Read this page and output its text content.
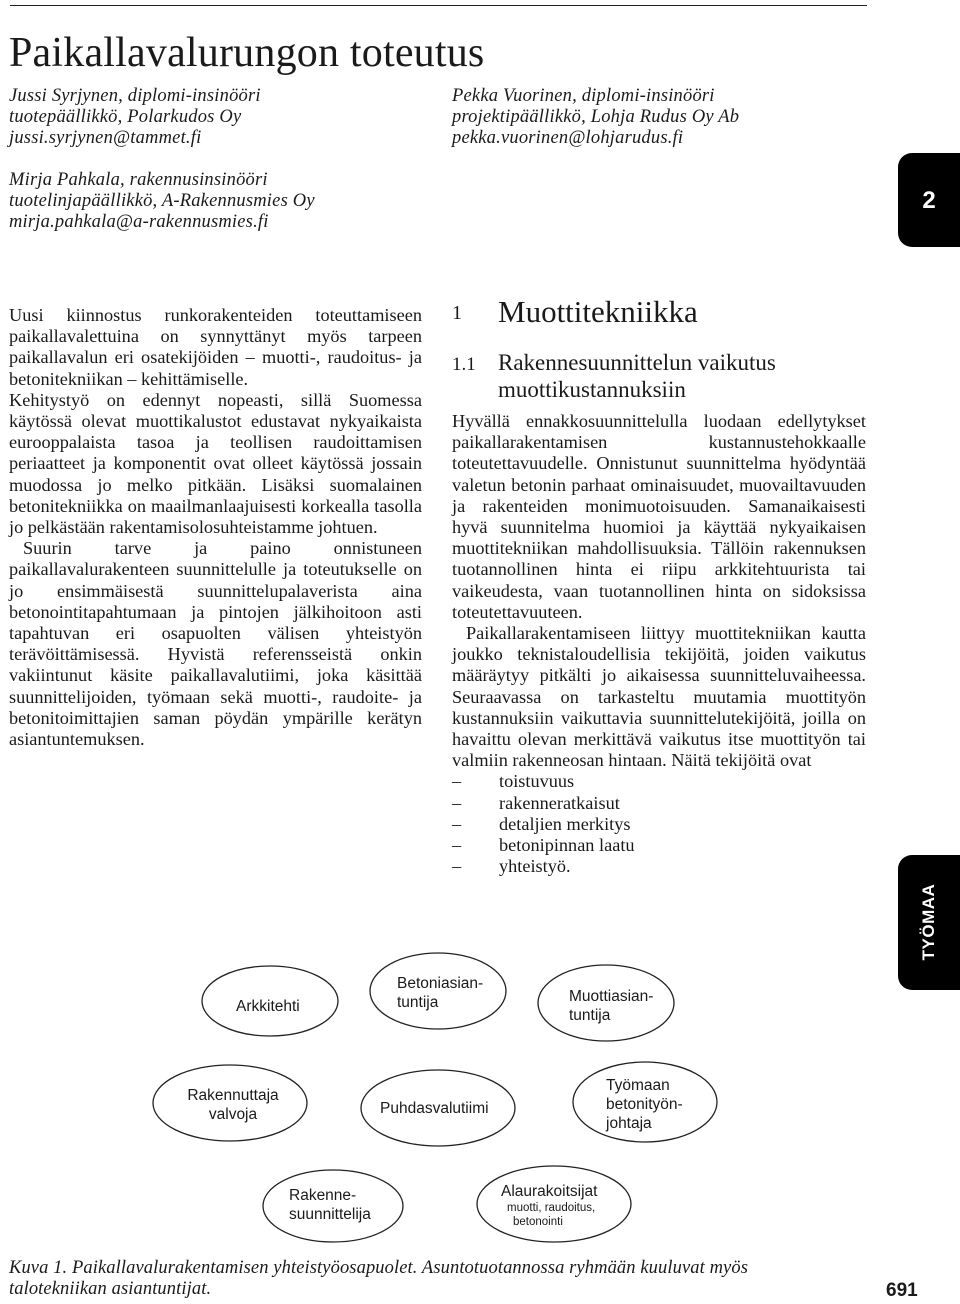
Paikallavalurungon toteutus
Jussi Syrjynen, diplomi-insinööri
tuotepäällikkö, Polarkudos Oy
jussi.syrjynen@tammet.fi
Pekka Vuorinen, diplomi-insinööri
projektipäällikkö, Lohja Rudus Oy Ab
pekka.vuorinen@lohjarudus.fi
Mirja Pahkala, rakennusinsinööri
tuotelinjapäällikkö, A-Rakennusmies Oy
mirja.pahkala@a-rakennusmies.fi
2
TYÖMAA

Uusi kiinnostus runkorakenteiden toteuttamiseen paikallavalettuina on synnyttänyt myös tarpeen paikallavalun eri osatekijöiden – muotti-, raudoitus- ja betonitekniikan – kehittämiselle.

Kehitystyö on edennyt nopeasti, sillä Suomessa käytössä olevat muottikalustot edustavat nykyaikaista eurooppalaista tasoa ja teollisen raudoittamisen periaatteet ja komponentit ovat olleet käytössä jossain muodossa jo melko pitkään. Lisäksi suomalainen betonitekniikka on maailmanlaajuisesti korkealla tasolla jo pelkästään rakentamisolosuhteistamme johtuen.

Suurin tarve ja paino onnistuneen paikallavalurakenteen suunnittelulle ja toteutukselle on jo ensimmäisestä suunnittelupalaverista aina betonointitapahtumaan ja pintojen jälkihoitoon asti tapahtuvan eri osapuolten välisen yhteistyön terävöittämisessä. Hyvistä referensseistä onkin vakiintunut käsite paikallavalutiimi, joka käsittää suunnittelijoiden, työmaan sekä muotti-, raudoite- ja betonitoimittajien saman pöydän ympärille kerätyn asiantuntemuksen.

1 Muottitekniikka
1.1 Rakennesuunnittelun vaikutus
muottikustannuksiin

Hyvällä ennakkosuunnittelulla luodaan edellytykset paikallarakentamisen kustannustehokkaalle toteutettavuudelle. Onnistunut suunnittelma hyödyntää valetun betonin parhaat ominaisuudet, muovailtavuuden ja rakenteiden monimuotoisuuden. Samanaikaisesti hyvä suunnitelma huomioi ja käyttää nykyaikaisen muottitekniikan mahdollisuuksia. Tällöin rakennuksen tuotannollinen hinta ei riipu arkkitehtuurista tai vaikeudesta, vaan tuotannollinen hinta on sidoksissa toteutettavuuteen.

Paikallarakentamiseen liittyy muottitekniikan kautta joukko teknistaloudellisia tekijöitä, joiden vaikutus määräytyy pitkälti jo aikaisessa suunnitteluvaiheessa. Seuraavassa on tarkasteltu muutamia muottityön kustannuksiin vaikuttavia suunnittelutekijöitä, joilla on havaittu olevan merkittävä vaikutus itse muottityön tai valmiin rakenneosan hintaan. Näitä tekijöitä ovat

– toistuvuus
– rakenneratkaisut
– detaljien merkitys
– betonipinnan laatu
– yhteistyö.
Arkkitehti
Betoniasian-
tuntija	Muottiasian-
tuntija
Rakennuttaja
valvoja	Puhdasvalutiimi
Työmaan
betonityön-
johtaja
Rakenne-
suunnittelija
Alaurakoitsijat
muotti, raudoitus,
betonointi
Kuva 1. Paikallavalurakentamisen yhteistyöosapuolet. Asuntotuotannossa ryhmään kuuluvat myös
talotekniikan asiantuntijat.	691
